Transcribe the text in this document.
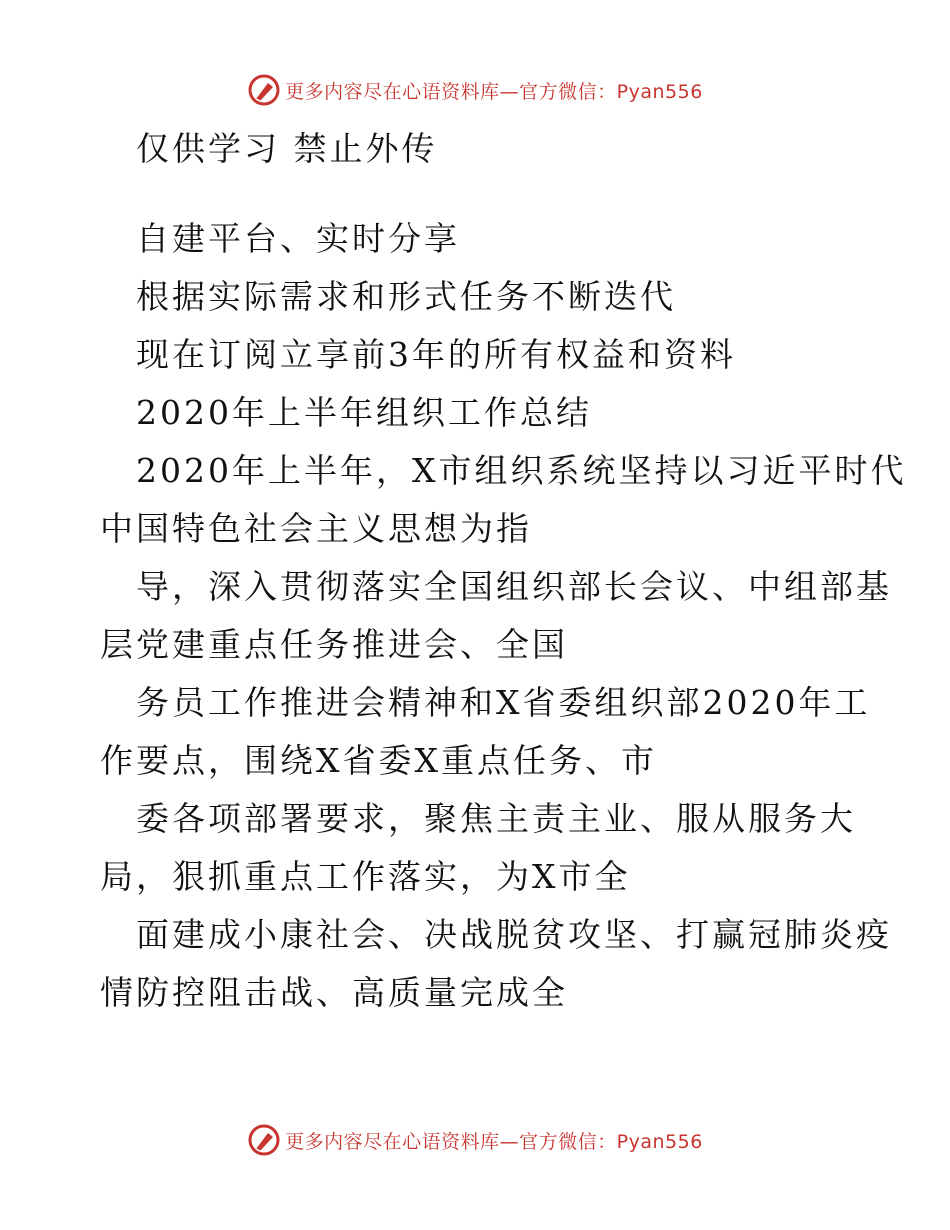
更多内容尽在心语资料库—官方微信：Pyan556
仅供学习 禁止外传
自建平台、实时分享
根据实际需求和形式任务不断迭代
现在订阅立享前3年的所有权益和资料
2020年上半年组织工作总结
2020年上半年，X市组织系统坚持以习近平时代
中国特色社会主义思想为指
导，深入贯彻落实全国组织部长会议、中组部基
层党建重点任务推进会、全国
务员工作推进会精神和X省委组织部2020年工
作要点，围绕X省委X重点任务、市
委各项部署要求，聚焦主责主业、服从服务大
局，狠抓重点工作落实，为X市全
面建成小康社会、决战脱贫攻坚、打赢冠肺炎疫
情防控阻击战、高质量完成全
更多内容尽在心语资料库—官方微信：Pyan556
